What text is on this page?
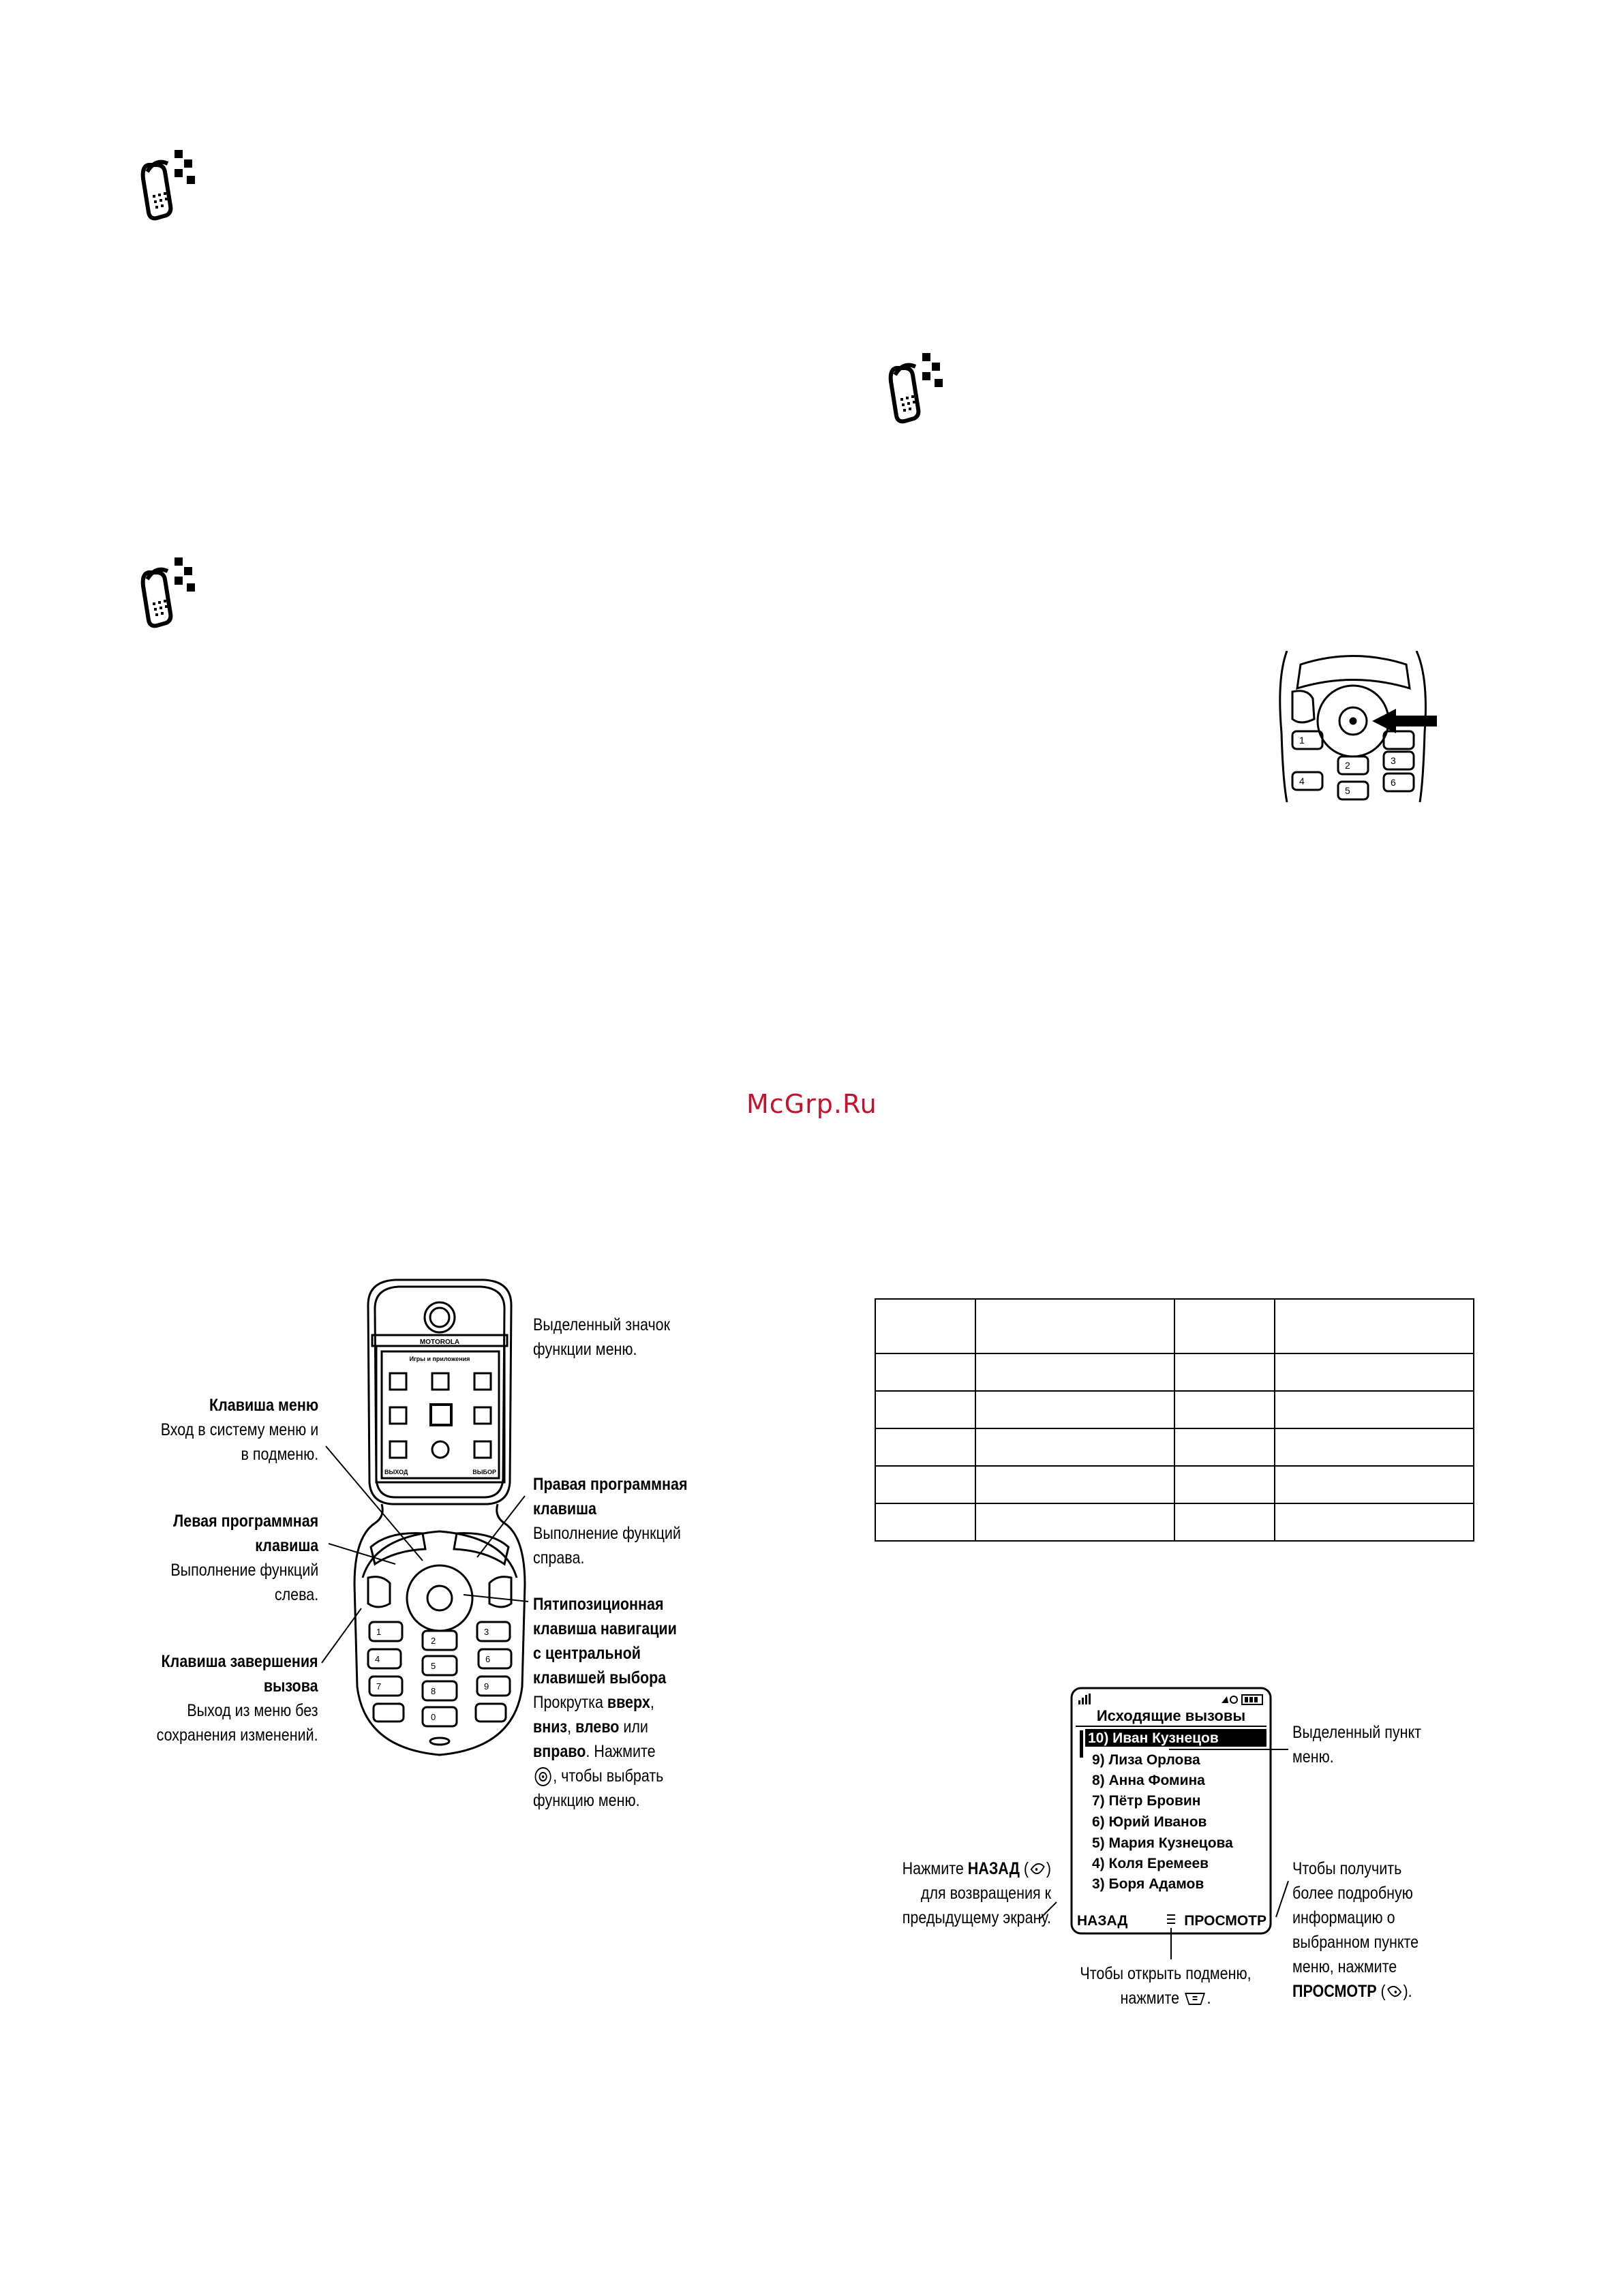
1
2	3
4
5
6
McGrp.Ru
MOTOROLA
Игры и приложения
ВЫХОД	ВЫБОР
1
2
3
4
5
6
7	8	9
0
Клавиша меню
Вход в систему меню и
в подменю.
Левая программная
клавиша
Выполнение функций
слева.
Клавиша завершения
вызова
Выход из меню без
сохранения изменений.
Выделенный значок
функции меню.
Правая программная
клавиша
Выполнение функций
справа.
Пятипозиционная
клавиша навигации
с центральной
клавишей выбора
Прокрутка вверх,
вниз, влево или
вправо. Нажмите
, чтобы выбрать
функцию меню.

Исходящие вызовы
10) Иван Кузнецов
9) Лиза Орлова
8) Анна Фомина
7) Пётр Бровин
6) Юрий Иванов
5) Мария Кузнецова
4) Коля Еремеев
3) Боря Адамов
НАЗАД	ПРОСМОТР
Выделенный пункт
меню.
Нажмите НАЗАД ( )
для возвращения к
предыдущему экрану.
Чтобы открыть подменю,
нажмите .
Чтобы получить
более подробную
информацию о
выбранном пункте
меню, нажмите
ПРОСМОТР ( ).
